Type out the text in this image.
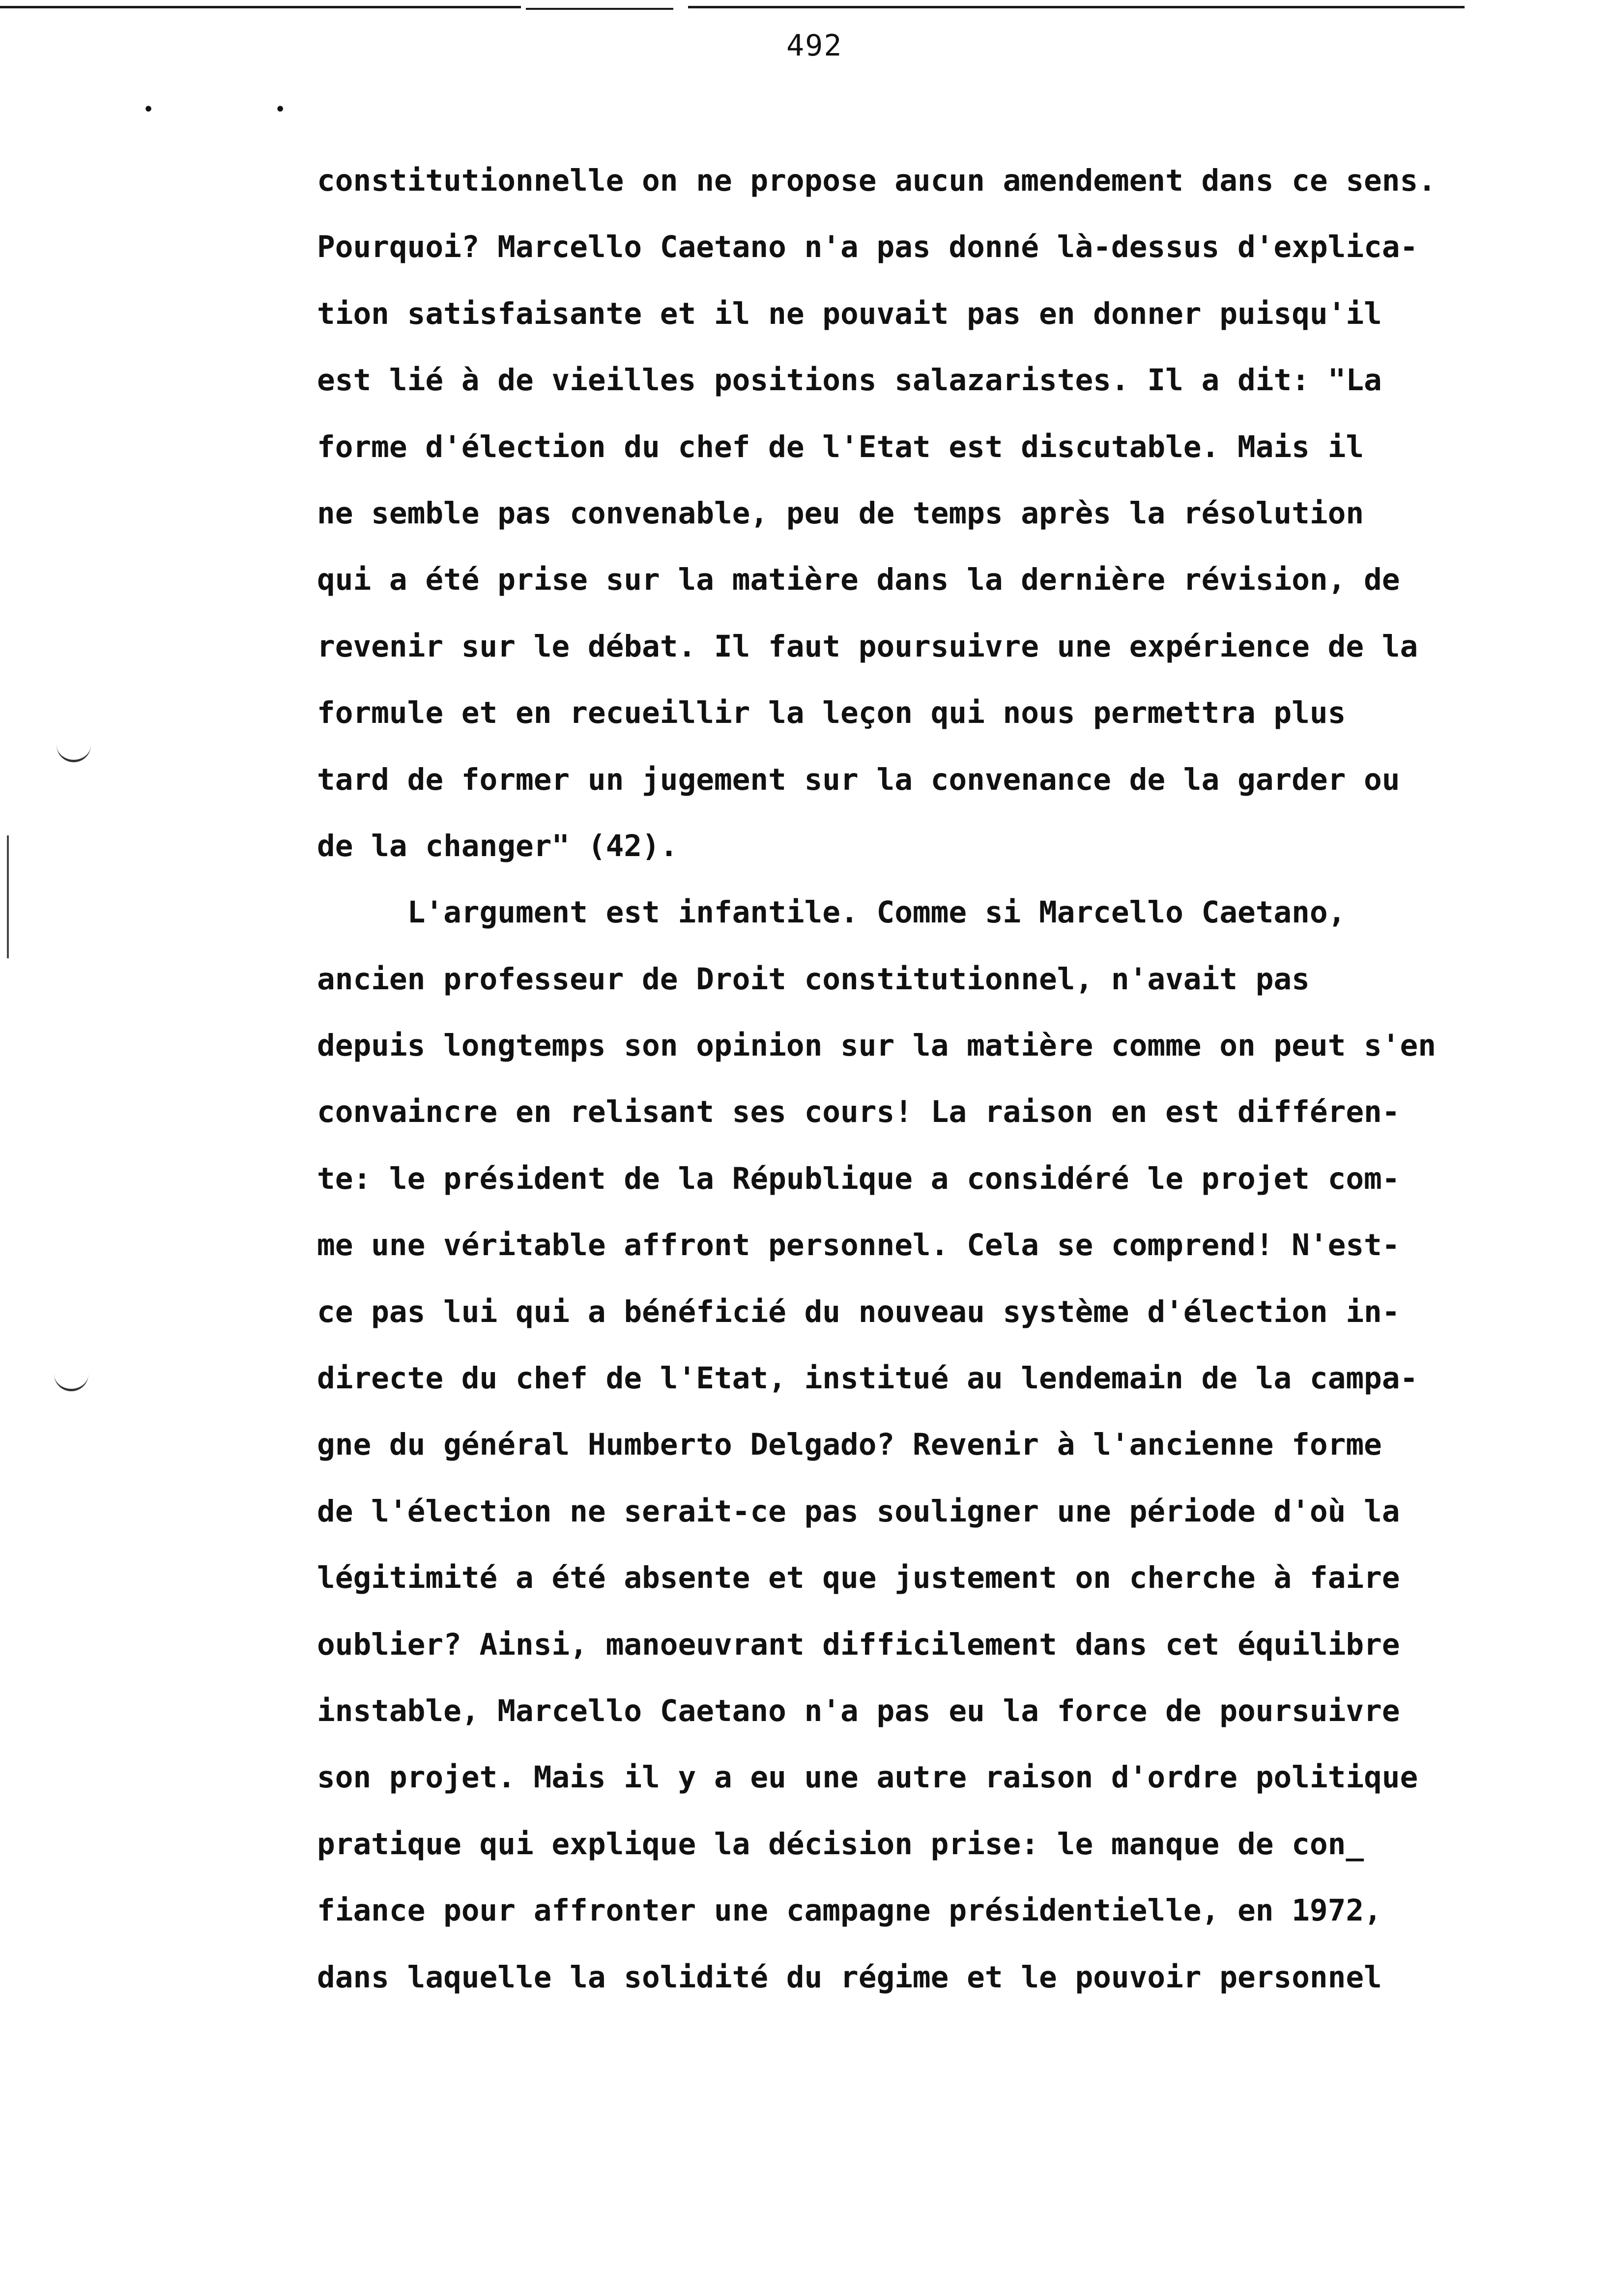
492
• •
constitutionnelle on ne propose aucun amendement dans ce sens.
Pourquoi? Marcello Caetano n'a pas donné là-dessus d'explica-
tion satisfaisante et il ne pouvait pas en donner puisqu'il
est lié à de vieilles positions salazaristes. Il a dit: "La
forme d'élection du chef de l'Etat est discutable. Mais il
ne semble pas convenable, peu de temps après la résolution
qui a été prise sur la matière dans la dernière révision, de
revenir sur le débat. Il faut poursuivre une expérience de la
formule et en recueillir la leçon qui nous permettra plus
tard de former un jugement sur la convenance de la garder ou
de la changer" (42).
L'argument est infantile. Comme si Marcello Caetano,
ancien professeur de Droit constitutionnel, n'avait pas
depuis longtemps son opinion sur la matière comme on peut s'en
convaincre en relisant ses cours! La raison en est différen-
te: le président de la République a considéré le projet com-
me une véritable affront personnel. Cela se comprend! N'est-
ce pas lui qui a bénéficié du nouveau système d'élection in-
directe du chef de l'Etat, institué au lendemain de la campa-
gne du général Humberto Delgado? Revenir à l'ancienne forme
de l'élection ne serait-ce pas souligner une période d'où la
légitimité a été absente et que justement on cherche à faire
oublier? Ainsi, manoeuvrant difficilement dans cet équilibre
instable, Marcello Caetano n'a pas eu la force de poursuivre
son projet. Mais il y a eu une autre raison d'ordre politique
pratique qui explique la décision prise: le manque de con_
fiance pour affronter une campagne présidentielle, en 1972,
dans laquelle la solidité du régime et le pouvoir personnel
